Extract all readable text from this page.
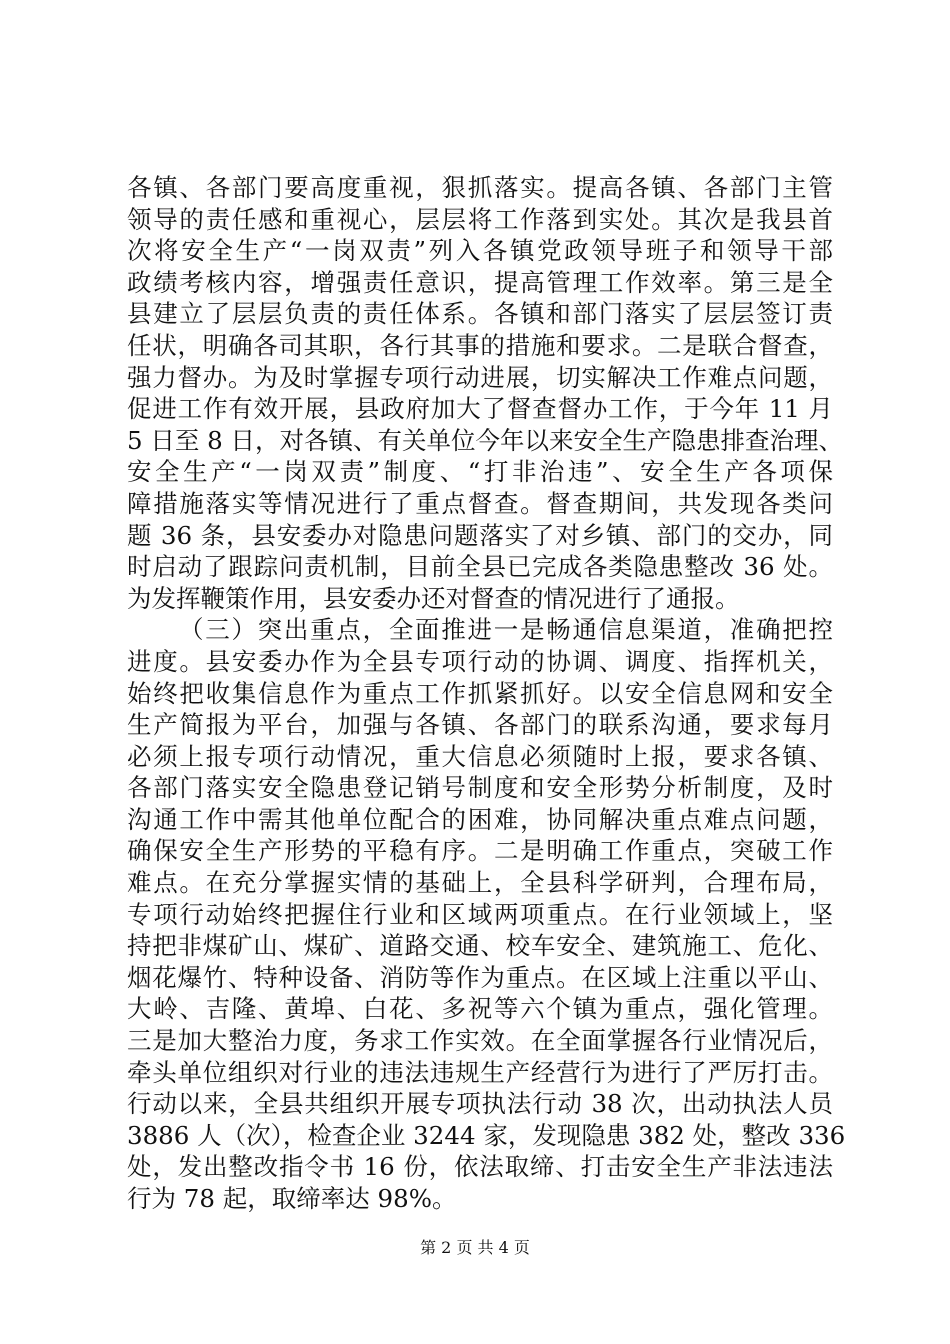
各镇、各部门要高度重视，狠抓落实。提高各镇、各部门主管
领导的责任感和重视心，层层将工作落到实处。其次是我县首
次将安全生产“一岗双责”列入各镇党政领导班子和领导干部
政绩考核内容，增强责任意识，提高管理工作效率。第三是全
县建立了层层负责的责任体系。各镇和部门落实了层层签订责
任状，明确各司其职，各行其事的措施和要求。二是联合督查，
强力督办。为及时掌握专项行动进展，切实解决工作难点问题，
促进工作有效开展，县政府加大了督查督办工作，于今年 11 月
5 日至 8 日，对各镇、有关单位今年以来安全生产隐患排查治理、
安全生产“一岗双责”制度、“打非治违”、安全生产各项保
障措施落实等情况进行了重点督查。督查期间，共发现各类问
题 36 条，县安委办对隐患问题落实了对乡镇、部门的交办，同
时启动了跟踪问责机制，目前全县已完成各类隐患整改 36 处。
为发挥鞭策作用，县安委办还对督查的情况进行了通报。
（三）突出重点，全面推进一是畅通信息渠道，准确把控
进度。县安委办作为全县专项行动的协调、调度、指挥机关，
始终把收集信息作为重点工作抓紧抓好。以安全信息网和安全
生产简报为平台，加强与各镇、各部门的联系沟通，要求每月
必须上报专项行动情况，重大信息必须随时上报，要求各镇、
各部门落实安全隐患登记销号制度和安全形势分析制度，及时
沟通工作中需其他单位配合的困难，协同解决重点难点问题，
确保安全生产形势的平稳有序。二是明确工作重点，突破工作
难点。在充分掌握实情的基础上，全县科学研判，合理布局，
专项行动始终把握住行业和区域两项重点。在行业领域上，坚
持把非煤矿山、煤矿、道路交通、校车安全、建筑施工、危化、
烟花爆竹、特种设备、消防等作为重点。在区域上注重以平山、
大岭、吉隆、黄埠、白花、多祝等六个镇为重点，强化管理。
三是加大整治力度，务求工作实效。在全面掌握各行业情况后，
牵头单位组织对行业的违法违规生产经营行为进行了严厉打击。
行动以来，全县共组织开展专项执法行动 38 次，出动执法人员
3886 人（次），检查企业 3244 家，发现隐患 382 处，整改 336
处，发出整改指令书 16 份，依法取缔、打击安全生产非法违法
行为 78 起，取缔率达 98%。
第 2 页 共 4 页
